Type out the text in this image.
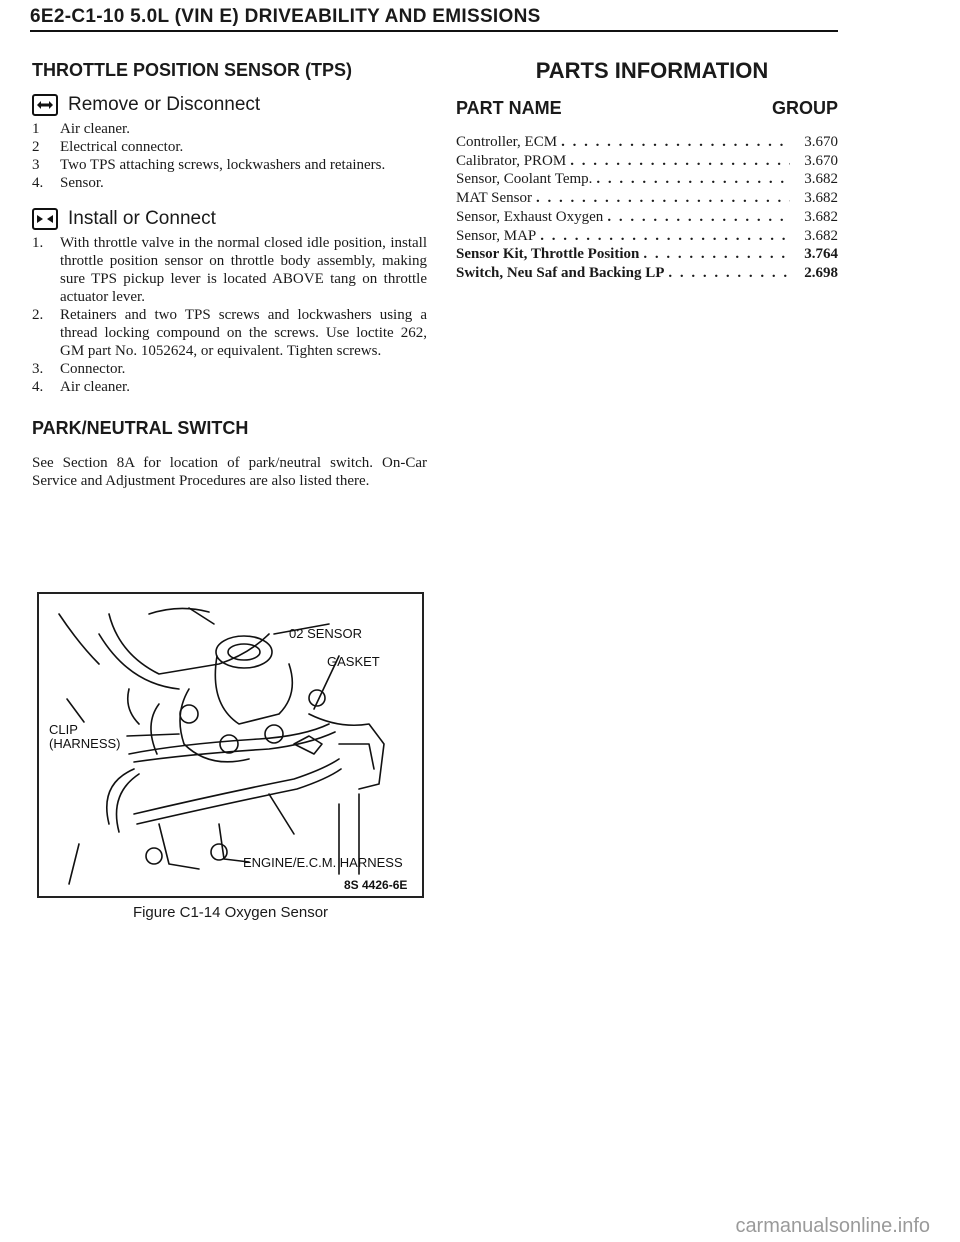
6E2-C1-10 5.0L (VIN E) DRIVEABILITY AND EMISSIONS
THROTTLE POSITION SENSOR (TPS)
Remove or Disconnect
1	Air cleaner.
2	Electrical connector.
3	Two TPS attaching screws, lockwashers and retainers.
4.	Sensor.
Install or Connect
1.	With throttle valve in the normal closed idle position, install throttle position sensor on throttle body assembly, making sure TPS pickup lever is located ABOVE tang on throttle actuator lever.
2.	Retainers and two TPS screws and lockwashers using a thread locking compound on the screws. Use loctite 262, GM part No. 1052624, or equivalent. Tighten screws.
3.	Connector.
4.	Air cleaner.
PARK/NEUTRAL SWITCH

See Section 8A for location of park/neutral switch. On-Car Service and Adjustment Procedures are also listed there.

02 SENSOR
GASKET
CLIP
(HARNESS)
ENGINE/E.C.M. HARNESS
8S 4426-6E
Figure C1-14 Oxygen Sensor
PARTS INFORMATION
PART NAME	GROUP
Controller, ECM . . .	3.670
Calibrator, PROM . . .	3.670
Sensor, Coolant Temp. . . .	3.682
MAT Sensor . . .	3.682
Sensor, Exhaust Oxygen . . .	3.682
Sensor, MAP . . .	3.682
Sensor Kit, Throttle Position . . .	3.764
Switch, Neu Saf and Backing LP . . .	2.698
carmanualsonline.info
